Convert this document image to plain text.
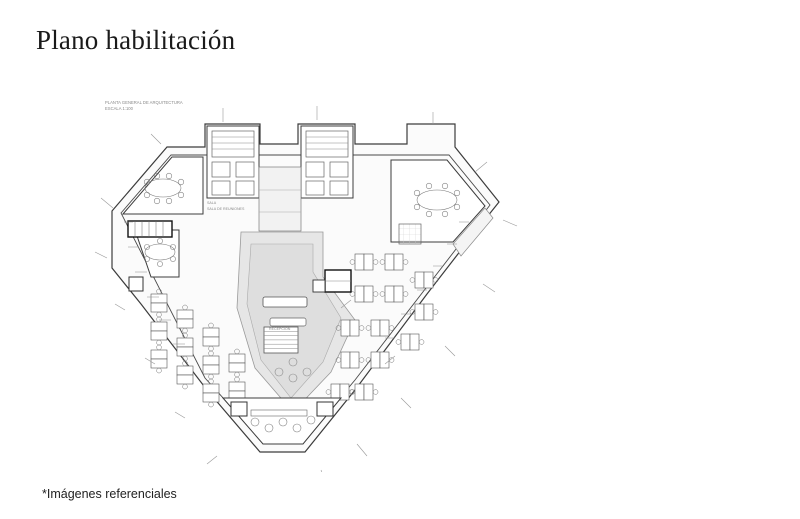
Plano habilitación
PLANTA GENERAL DE ARQUITECTURA
ESCALA 1:100
SALA
SALA DE REUNIONES
RECEPCIÓN
*Imágenes referenciales
